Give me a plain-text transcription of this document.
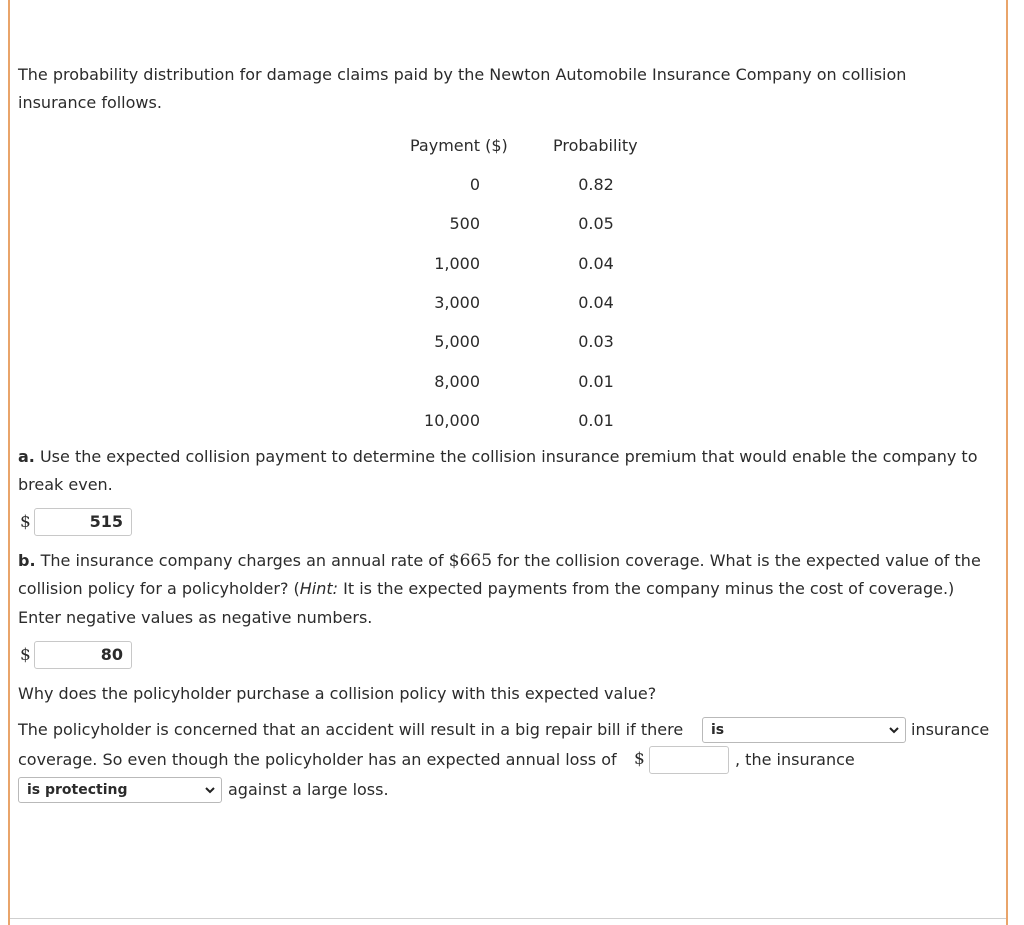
The probability distribution for damage claims paid by the Newton Automobile Insurance Company on collision
insurance follows.
Payment ($)	Probability
0	0.82
500	0.05
1,000	0.04
3,000	0.04
5,000	0.03
8,000	0.01
10,000	0.01
a. Use the expected collision payment to determine the collision insurance premium that would enable the company to
break even.
$	515
b. The insurance company charges an annual rate of $665 for the collision coverage. What is the expected value of the
collision policy for a policyholder? (Hint: It is the expected payments from the company minus the cost of coverage.)
Enter negative values as negative numbers.
$	80
Why does the policyholder purchase a collision policy with this expected value?
The policyholder is concerned that an accident will result in a big repair bill if there	is	insurance
coverage. So even though the policyholder has an expected annual loss of $	, the insurance
is protecting	against a large loss.
